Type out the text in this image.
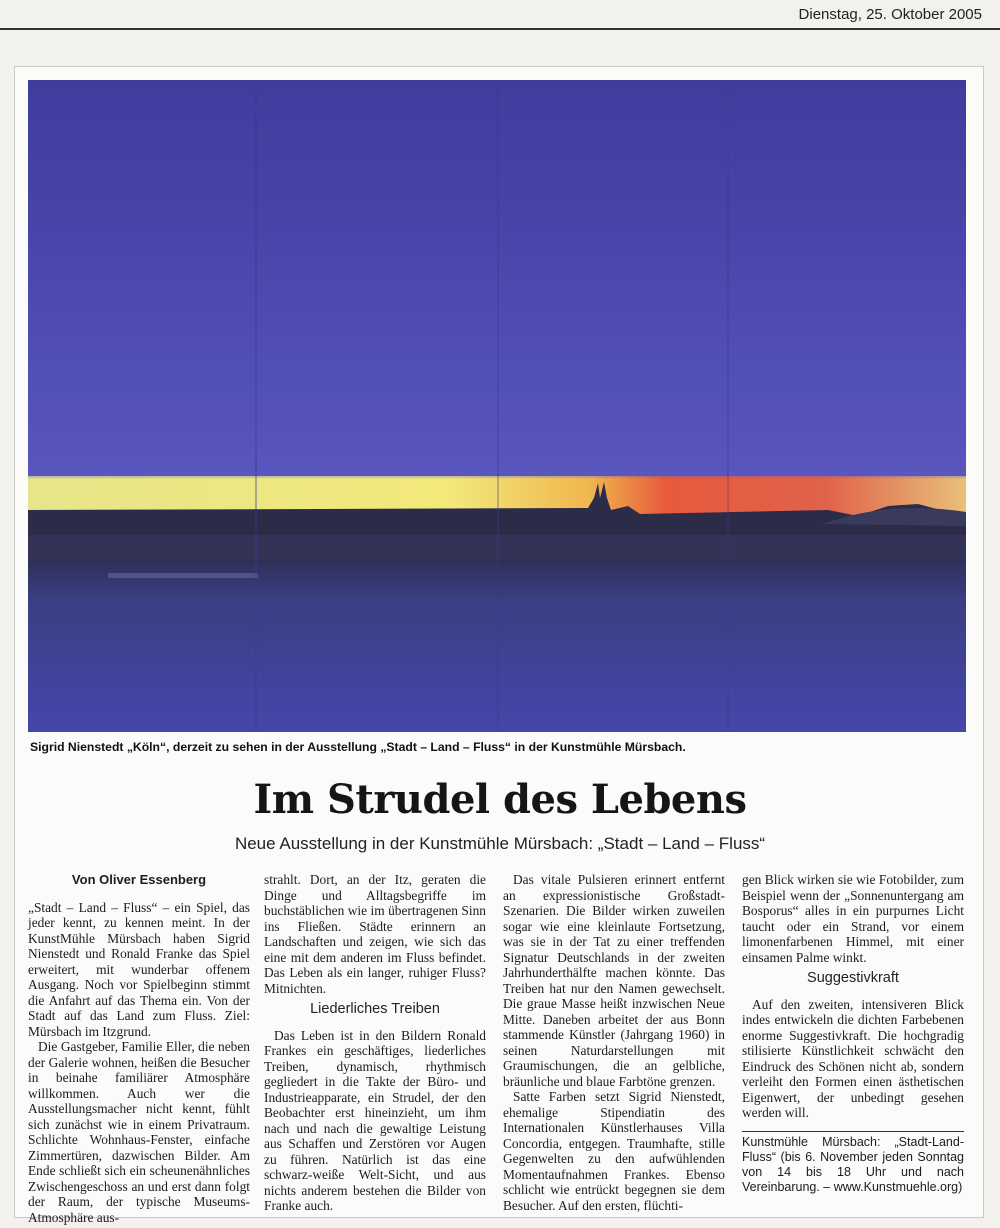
Dienstag, 25. Oktober 2005
Sigrid Nienstedt „Köln“, derzeit zu sehen in der Ausstellung „Stadt – Land – Fluss“ in der Kunstmühle Mürsbach.
Im Strudel des Lebens
Neue Ausstellung in der Kunstmühle Mürsbach: „Stadt – Land – Fluss“
Von Oliver Essenberg

„Stadt – Land – Fluss“ – ein Spiel, das jeder kennt, zu kennen meint. In der KunstMühle Mürsbach haben Sigrid Nienstedt und Ronald Franke das Spiel erweitert, mit wunderbar offenem Ausgang. Noch vor Spielbeginn stimmt die Anfahrt auf das Thema ein. Von der Stadt auf das Land zum Fluss. Ziel: Mürsbach im Itzgrund.

Die Gastgeber, Familie Eller, die neben der Galerie wohnen, heißen die Besucher in beinahe familiärer Atmosphäre willkommen. Auch wer die Ausstellungsmacher nicht kennt, fühlt sich zunächst wie in einem Privatraum. Schlichte Wohnhaus-Fenster, einfache Zimmertüren, dazwischen Bilder. Am Ende schließt sich ein scheunenähnliches Zwischengeschoss an und erst dann folgt der Raum, der typische Museums-Atmosphäre aus-

strahlt. Dort, an der Itz, geraten die Dinge und Alltagsbegriffe im buchstäblichen wie im übertragenen Sinn ins Fließen. Städte erinnern an Landschaften und zeigen, wie sich das eine mit dem anderen im Fluss befindet. Das Leben als ein langer, ruhiger Fluss? Mitnichten.

Liederliches Treiben

Das Leben ist in den Bildern Ronald Frankes ein geschäftiges, liederliches Treiben, dynamisch, rhythmisch gegliedert in die Takte der Büro- und Industrieapparate, ein Strudel, der den Beobachter erst hineinzieht, um ihm nach und nach die gewaltige Leistung aus Schaffen und Zerstören vor Augen zu führen. Natürlich ist das eine schwarz-weiße Welt-Sicht, und aus nichts anderem bestehen die Bilder von Franke auch.

Das vitale Pulsieren erinnert entfernt an expressionistische Großstadt-Szenarien. Die Bilder wirken zuweilen sogar wie eine kleinlaute Fortsetzung, was sie in der Tat zu einer treffenden Signatur Deutschlands in der zweiten Jahrhunderthälfte machen könnte. Das Treiben hat nur den Namen gewechselt. Die graue Masse heißt inzwischen Neue Mitte. Daneben arbeitet der aus Bonn stammende Künstler (Jahrgang 1960) in seinen Naturdarstellungen mit Graumischungen, die an gelbliche, bräunliche und blaue Farbtöne grenzen.

Satte Farben setzt Sigrid Nienstedt, ehemalige Stipendiatin des Internationalen Künstlerhauses Villa Concordia, entgegen. Traumhafte, stille Gegenwelten zu den aufwühlenden Momentaufnahmen Frankes. Ebenso schlicht wie entrückt begegnen sie dem Besucher. Auf den ersten, flüchti-

gen Blick wirken sie wie Fotobilder, zum Beispiel wenn der „Sonnenuntergang am Bosporus“ alles in ein purpurnes Licht taucht oder ein Strand, vor einem limonenfarbenen Himmel, mit einer einsamen Palme winkt.

Suggestivkraft

Auf den zweiten, intensiveren Blick indes entwickeln die dichten Farbebenen enorme Suggestivkraft. Die hochgradig stilisierte Künstlichkeit schwächt den Eindruck des Schönen nicht ab, sondern verleiht den Formen einen ästhetischen Eigenwert, der unbedingt gesehen werden will.

Kunstmühle Mürsbach: „Stadt-Land-Fluss“ (bis 6. November jeden Sonntag von 14 bis 18 Uhr und nach Vereinbarung. – www.Kunstmuehle.org)
